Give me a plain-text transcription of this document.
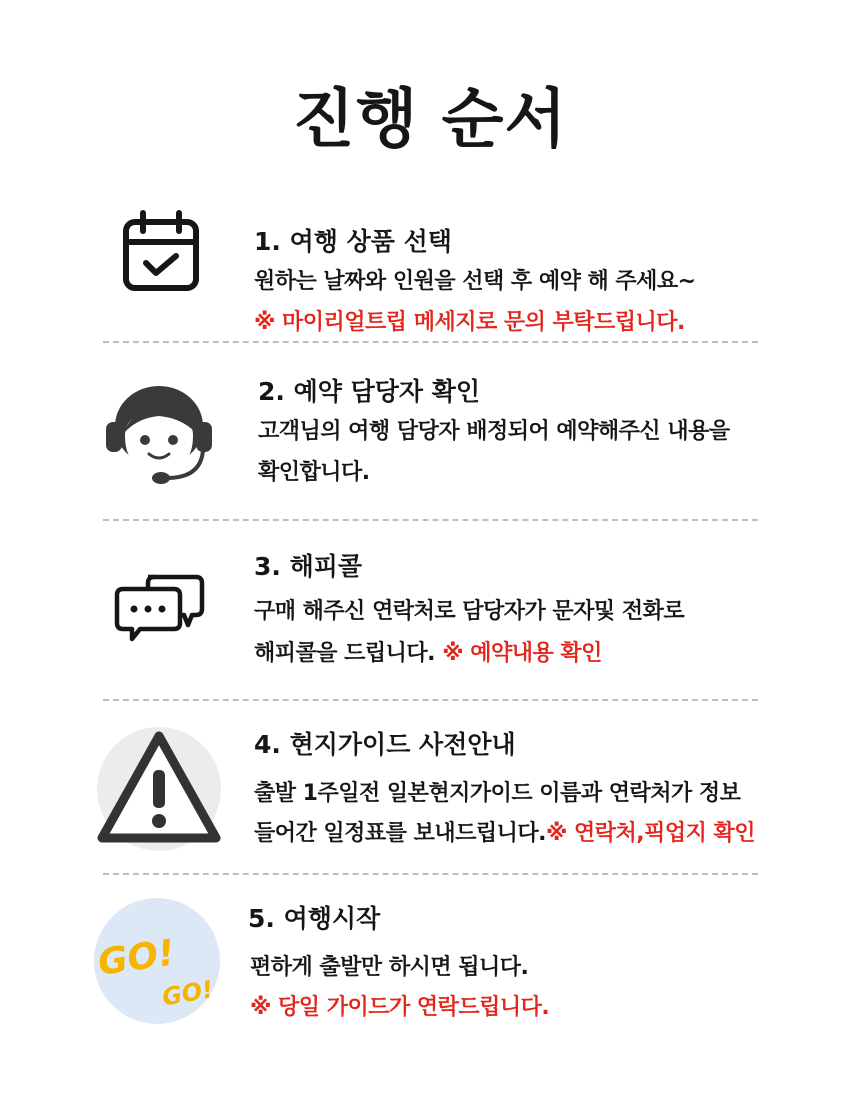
진행 순서
1. 여행 상품 선택
원하는 날짜와 인원을 선택 후 예약 해 주세요~
※ 마이리얼트립 메세지로 문의 부탁드립니다.
2. 예약 담당자 확인
고객님의 여행 담당자 배정되어 예약해주신 내용을
확인합니다.
3. 해피콜
구매 해주신 연락처로 담당자가 문자및 전화로
해피콜을 드립니다. ※ 예약내용 확인
4. 현지가이드 사전안내
출발 1주일전 일본현지가이드 이름과 연락처가 정보
들어간 일정표를 보내드립니다.※ 연락처,픽업지 확인
GO!
GO!
5. 여행시작
편하게 출발만 하시면 됩니다.
※ 당일 가이드가 연락드립니다.
